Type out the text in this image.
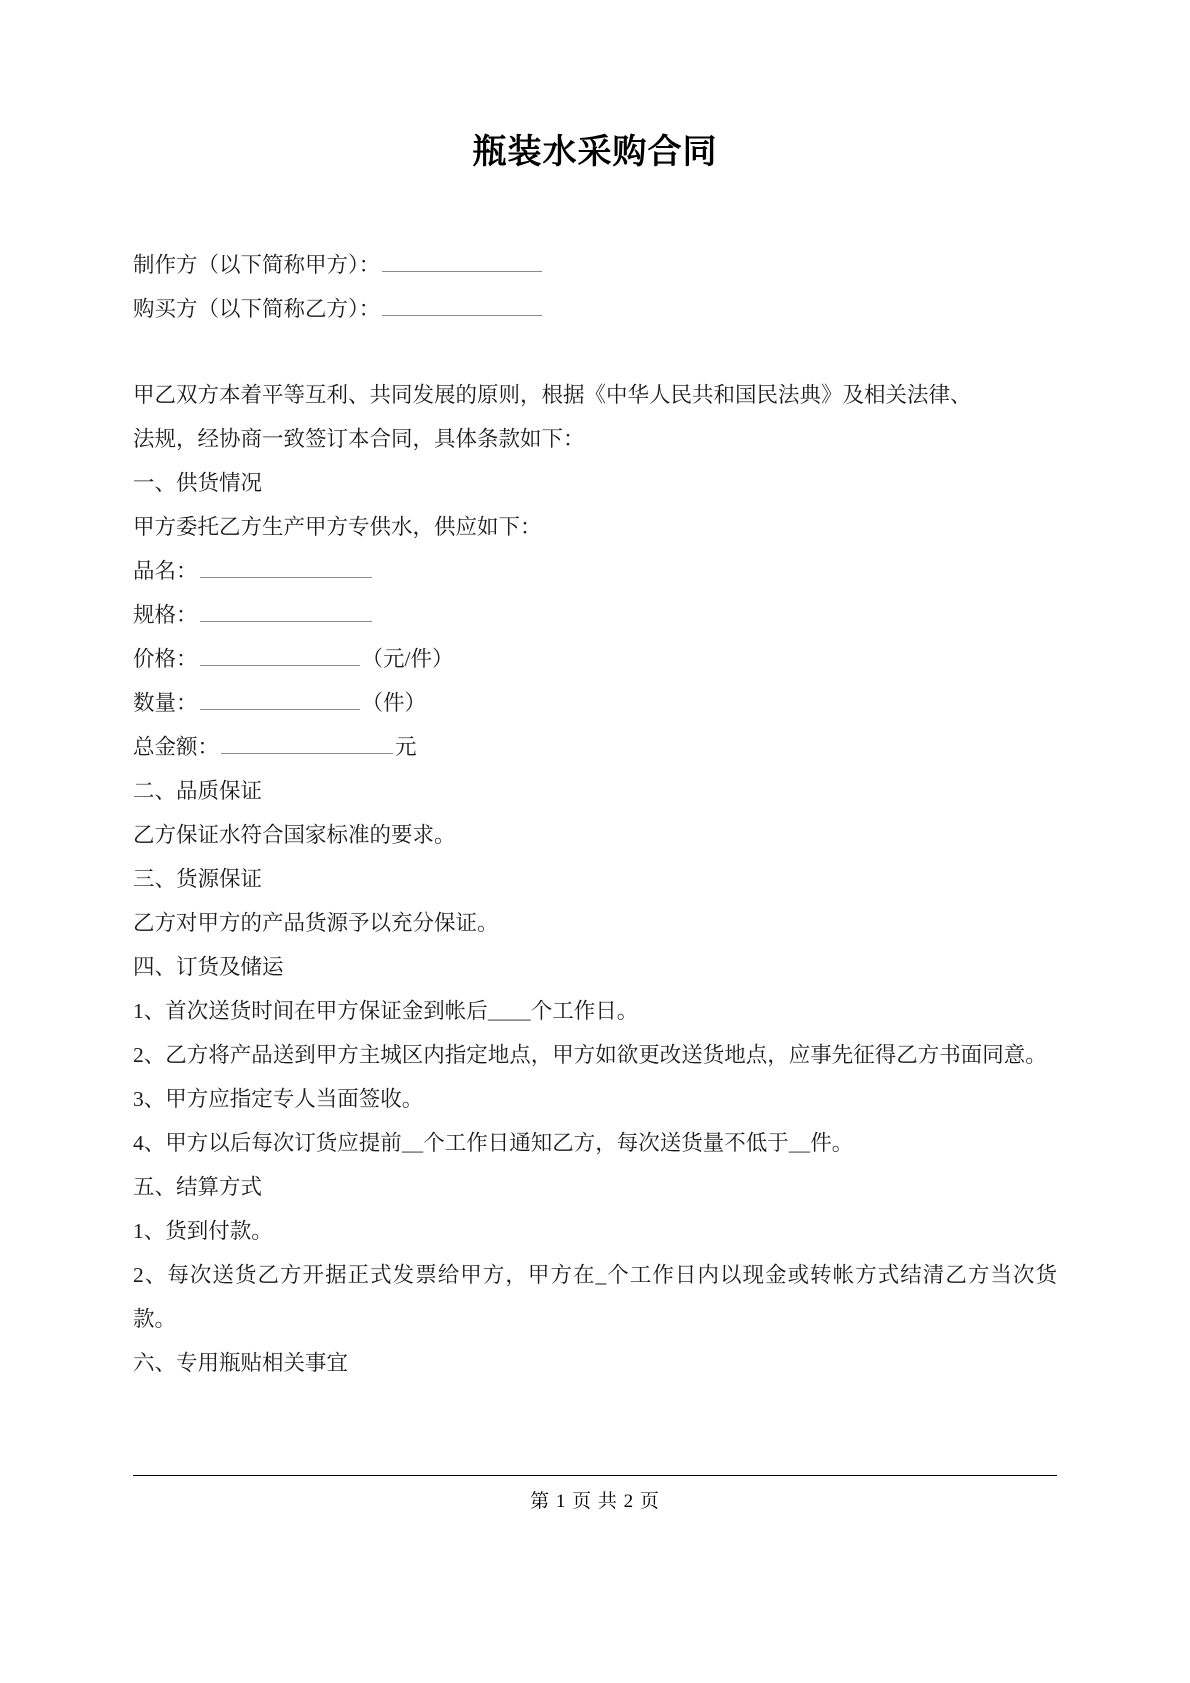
瓶装水采购合同

制作方（以下简称甲方）：

购买方（以下简称乙方）：

甲乙双方本着平等互利、共同发展的原则，根据《中华人民共和国民法典》及相关法律、

法规，经协商一致签订本合同，具体条款如下：

一、供货情况

甲方委托乙方生产甲方专供水，供应如下：

品名：

规格：

价格：	（元/件）

数量：	（件）

总金额：	元

二、品质保证

乙方保证水符合国家标准的要求。

三、货源保证

乙方对甲方的产品货源予以充分保证。

四、订货及储运

1、首次送货时间在甲方保证金到帐后＿＿个工作日。

2、乙方将产品送到甲方主城区内指定地点，甲方如欲更改送货地点，应事先征得乙方书面同意。

3、甲方应指定专人当面签收。

4、甲方以后每次订货应提前＿个工作日通知乙方，每次送货量不低于＿件。

五、结算方式

1、货到付款。

2、每次送货乙方开据正式发票给甲方，甲方在_个工作日内以现金或转帐方式结清乙方当次货款。

六、专用瓶贴相关事宜

第 1 页 共 2 页
